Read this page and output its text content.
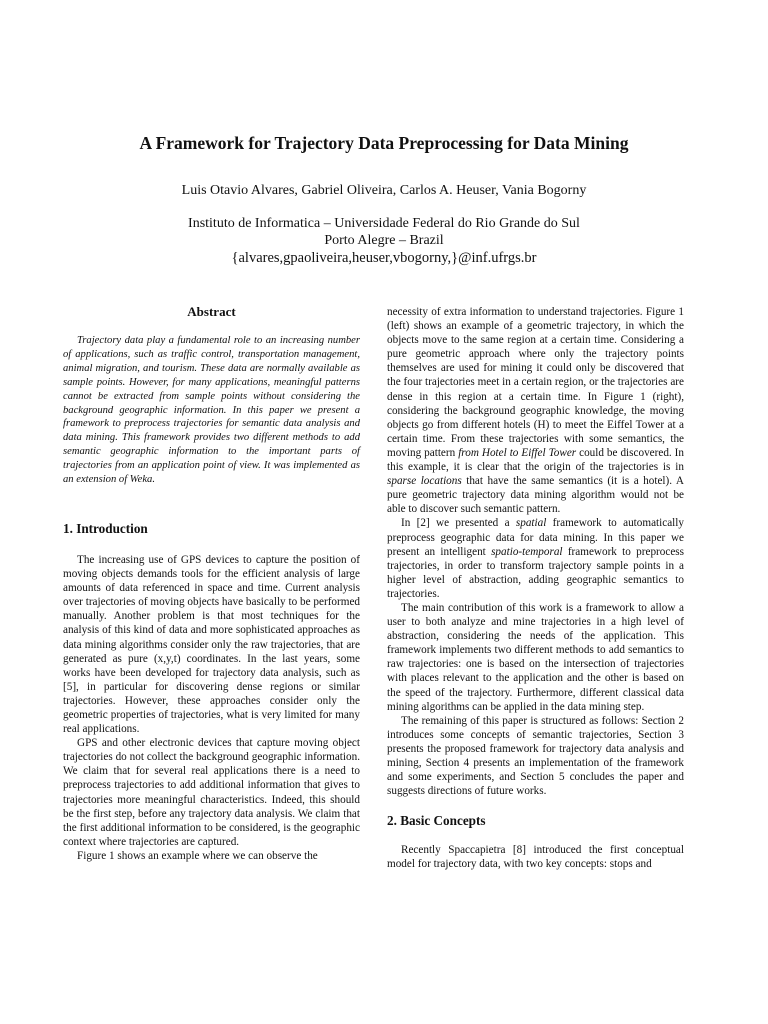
A Framework for Trajectory Data Preprocessing for Data Mining
Luis Otavio Alvares, Gabriel Oliveira, Carlos A. Heuser, Vania Bogorny
Instituto de Informatica – Universidade Federal do Rio Grande do Sul
Porto Alegre – Brazil
{alvares,gpaoliveira,heuser,vbogorny,}@inf.ufrgs.br
Abstract

Trajectory data play a fundamental role to an increasing number of applications, such as traffic control, transportation management, animal migration, and tourism. These data are normally available as sample points. However, for many applications, meaningful patterns cannot be extracted from sample points without considering the background geographic information. In this paper we present a framework to preprocess trajectories for semantic data analysis and data mining. This framework provides two different methods to add semantic geographic information to the important parts of trajectories from an application point of view. It was implemented as an extension of Weka.

1. Introduction

The increasing use of GPS devices to capture the position of moving objects demands tools for the efficient analysis of large amounts of data referenced in space and time. Current analysis over trajectories of moving objects have basically to be performed manually. Another problem is that most techniques for the analysis of this kind of data and more sophisticated approaches as data mining algorithms consider only the raw trajectories, that are generated as pure (x,y,t) coordinates. In the last years, some works have been developed for trajectory data analysis, such as [5], in particular for discovering dense regions or similar trajectories. However, these approaches consider only the geometric properties of trajectories, what is very limited for many real applications.

GPS and other electronic devices that capture moving object trajectories do not collect the background geographic information. We claim that for several real applications there is a need to preprocess trajectories to add additional information that gives to trajectories more meaningful characteristics. Indeed, this should be the first step, before any trajectory data analysis. We claim that the first additional information to be considered, is the geographic context where trajectories are captured.

Figure 1 shows an example where we can observe the

necessity of extra information to understand trajectories. Figure 1 (left) shows an example of a geometric trajectory, in which the objects move to the same region at a certain time. Considering a pure geometric approach where only the trajectory points themselves are used for mining it could only be discovered that the four trajectories meet in a certain region, or the trajectories are dense in this region at a certain time. In Figure 1 (right), considering the background geographic knowledge, the moving objects go from different hotels (H) to meet the Eiffel Tower at a certain time. From these trajectories with some semantics, the moving pattern from Hotel to Eiffel Tower could be discovered. In this example, it is clear that the origin of the trajectories is in sparse locations that have the same semantics (it is a hotel). A pure geometric trajectory data mining algorithm would not be able to discover such semantic pattern.

In [2] we presented a spatial framework to automatically preprocess geographic data for data mining. In this paper we present an intelligent spatio-temporal framework to preprocess trajectories, in order to transform trajectory sample points in a higher level of abstraction, adding geographic semantics to trajectories.

The main contribution of this work is a framework to allow a user to both analyze and mine trajectories in a high level of abstraction, considering the needs of the application. This framework implements two different methods to add semantics to raw trajectories: one is based on the intersection of trajectories with places relevant to the application and the other is based on the speed of the trajectory. Furthermore, different classical data mining algorithms can be applied in the data mining step.

The remaining of this paper is structured as follows: Section 2 introduces some concepts of semantic trajectories, Section 3 presents the proposed framework for trajectory data analysis and mining, Section 4 presents an implementation of the framework and some experiments, and Section 5 concludes the paper and suggests directions of future works.

2. Basic Concepts

Recently Spaccapietra [8] introduced the first conceptual model for trajectory data, with two key concepts: stops and
